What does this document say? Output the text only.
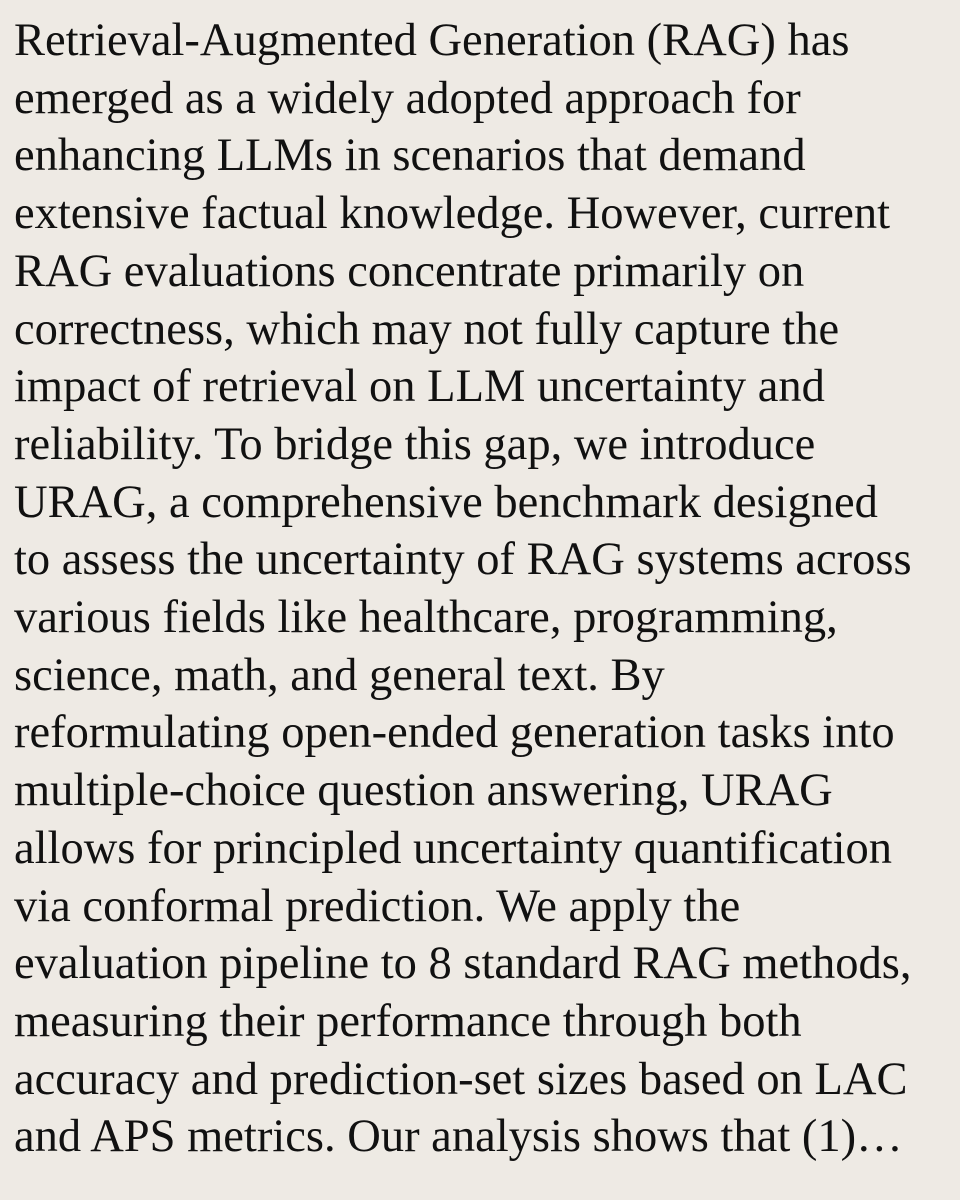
Retrieval-Augmented Generation (RAG) has
emerged as a widely adopted approach for
enhancing LLMs in scenarios that demand
extensive factual knowledge. However, current
RAG evaluations concentrate primarily on
correctness, which may not fully capture the
impact of retrieval on LLM uncertainty and
reliability. To bridge this gap, we introduce
URAG, a comprehensive benchmark designed
to assess the uncertainty of RAG systems across
various fields like healthcare, programming,
science, math, and general text. By
reformulating open-ended generation tasks into
multiple-choice question answering, URAG
allows for principled uncertainty quantification
via conformal prediction. We apply the
evaluation pipeline to 8 standard RAG methods,
measuring their performance through both
accuracy and prediction-set sizes based on LAC
and APS metrics. Our analysis shows that (1)…
